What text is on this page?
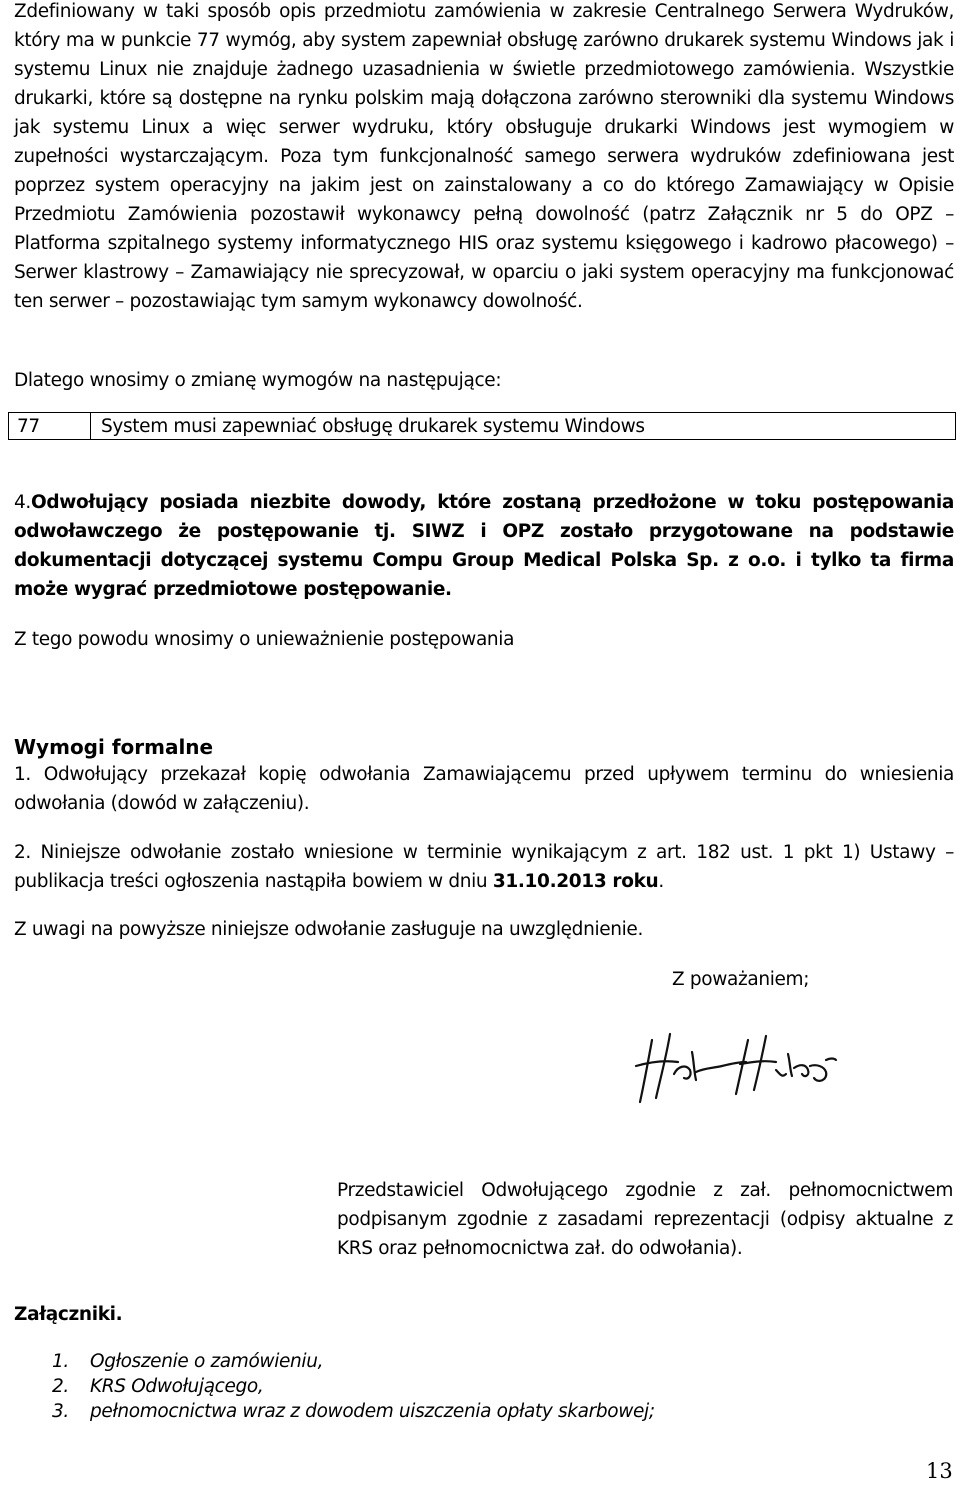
Zdefiniowany w taki sposób opis przedmiotu zamówienia w zakresie Centralnego Serwera Wydruków, który ma w punkcie 77 wymóg, aby system zapewniał obsługę zarówno drukarek systemu Windows jak i systemu Linux nie znajduje żadnego uzasadnienia w świetle przedmiotowego zamówienia. Wszystkie drukarki, które są dostępne na rynku polskim mają dołączona zarówno sterowniki dla systemu Windows jak systemu Linux a więc serwer wydruku, który obsługuje drukarki Windows jest wymogiem w zupełności wystarczającym. Poza tym funkcjonalność samego serwera wydruków zdefiniowana jest poprzez system operacyjny na jakim jest on zainstalowany a co do którego Zamawiający w Opisie Przedmiotu Zamówienia pozostawił wykonawcy pełną dowolność (patrz Załącznik nr 5 do OPZ – Platforma szpitalnego systemy informatycznego HIS oraz systemu księgowego i kadrowo płacowego) – Serwer klastrowy – Zamawiający nie sprecyzował, w oparciu o jaki system operacyjny ma funkcjonować ten serwer – pozostawiając tym samym wykonawcy dowolność.

Dlatego wnosimy o zmianę wymogów na następujące:

77	System musi zapewniać obsługę drukarek systemu Windows

4.Odwołujący posiada niezbite dowody, które zostaną przedłożone w toku postępowania odwoławczego że postępowanie tj. SIWZ i OPZ zostało przygotowane na podstawie dokumentacji dotyczącej systemu Compu Group Medical Polska Sp. z o.o. i tylko ta firma może wygrać przedmiotowe postępowanie.

Z tego powodu wnosimy o unieważnienie postępowania

Wymogi formalne

1. Odwołujący przekazał kopię odwołania Zamawiającemu przed upływem terminu do wniesienia odwołania (dowód w załączeniu).

2. Niniejsze odwołanie zostało wniesione w terminie wynikającym z art. 182 ust. 1 pkt 1) Ustawy – publikacja treści ogłoszenia nastąpiła bowiem w dniu 31.10.2013 roku.

Z uwagi na powyższe niniejsze odwołanie zasługuje na uwzględnienie.

Z poważaniem;

Przedstawiciel Odwołującego zgodnie z zał. pełnomocnictwem podpisanym zgodnie z zasadami reprezentacji (odpisy aktualne z KRS oraz pełnomocnictwa zał. do odwołania).

Załączniki.

1. Ogłoszenie o zamówieniu,
2. KRS Odwołującego,
3. pełnomocnictwa wraz z dowodem uiszczenia opłaty skarbowej;
13
